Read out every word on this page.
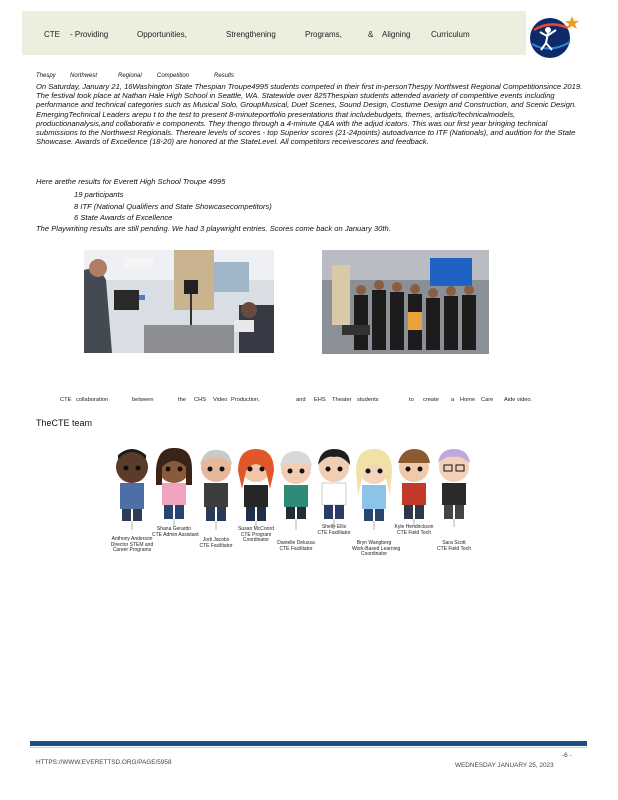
CTE - Providing	Opportunities,	Strengthening	Programs,	& Aligning	Curriculum
Thespy Northwest	Regional	Competition	Results
On Saturday, January 21, 16Washington State Thespian Troupe4995 students competed in their first in-personThespy Northwest Regional Competitionsince 2019. The festival took place at Nathan Hale High School in Seattle, WA. Statewide over 825Thespian students attended avariety of competitive events including performance and technical categories such as Musical Solo, GroupMusical, Duet Scenes, Sound Design, Costume Design and Construction, and Scenic Design. EmergingTechnical Leaders arepu t to the test to present 8-minuteportfolio presentations that includebudgets, themes, artistic/technicalmodels, productionanalysis,and collaborativ e components. They thengo through a 4-minute Q&A with the adjud icators. This was our first year bringing technical submissions to the Northwest Regionals. Thereare levels of scores - top Superior scores (21-24points) autoadvance to ITF (Nationals), and audition for the State Showcase. Awards of Excellence (18-20) are honored at the StateLevel. All competitors receivescores and feedback.
Here arethe results for Everett High School Troupe 4995
19 participants
8 ITF (National Qualifiers and State Showcasecompetitors)
6 State Awards of Excellence
The Playwriting results are still pending. We had 3 playwright entries. Scores come back on January 30th.
CTE collaboration	between	the CHS Video Production,	and EHS Theater students	to create a Home Care Aide video.
TheCTE team
Anthony Anderson
Director STEM and
Career Programs
Shana Gerardo
CTE Admin Assistant
Jodi Jacobs
CTE Facilitator
Susan McCoord
CTE Program
Coordinator	Danielle Delussa
CTE Facilitator
Shelly Ellis
CTE Facilitator
Bryn Wangberg
Work-Based Learning
Coordinator
Kyle Hendrickson
CTE Field Tech
Sara Scott
CTE Field Tech
HTTPS://WWW.EVERETTSD.ORG/PAGE/5958
-6 -
WEDNESDAY JANUARY 25, 2023
